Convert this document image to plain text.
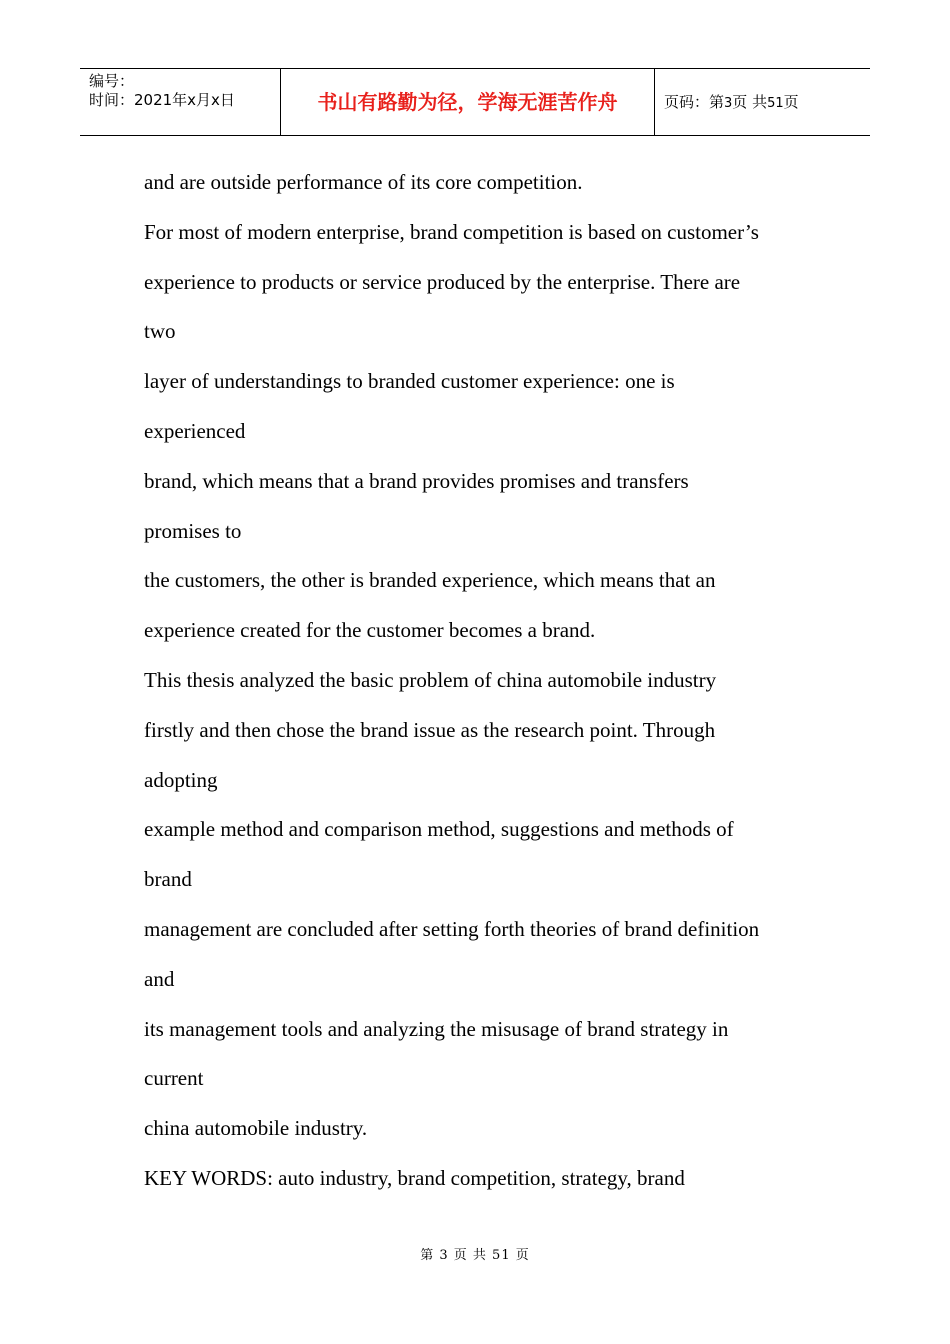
编号：
时间：2021年x月x日	书山有路勤为径，学海无涯苦作舟	页码：第3页 共51页
and are outside performance of its core competition.
For most of modern enterprise, brand competition is based on customer’s
experience to products or service produced by the enterprise. There are
two
layer of understandings to branded customer experience: one is
experienced
brand, which means that a brand provides promises and transfers
promises to
the customers, the other is branded experience, which means that an
experience created for the customer becomes a brand.
This thesis analyzed the basic problem of china automobile industry
firstly and then chose the brand issue as the research point. Through
adopting
example method and comparison method, suggestions and methods of
brand
management are concluded after setting forth theories of brand definition
and
its management tools and analyzing the misusage of brand strategy in
current
china automobile industry.
KEY WORDS: auto industry, brand competition, strategy, brand
第 3 页 共 51 页
